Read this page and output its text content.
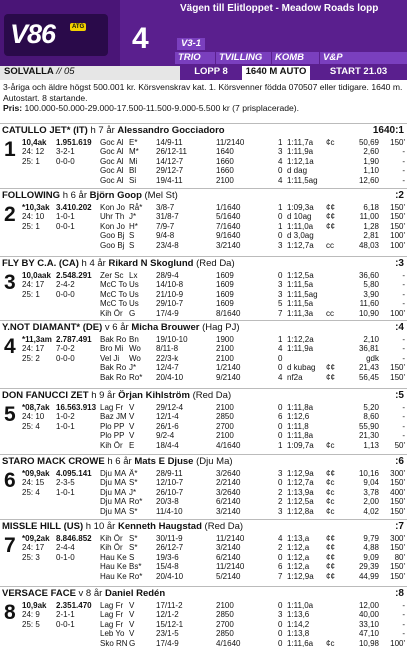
V86	ATG 4
Vägen till Elitloppet - Meadow Roads lopp
V3-1
TRIO	TVILLING	KOMB	V&P
SOLVALLA // 05	LOPP 8	1640 M AUTO	START 21.03
3-åriga och äldre högst 500.001 kr. Körsvenskrav kat. 1. Körsvenner födda 070507 eller tidigare. 1640 m. Autostart. 8 startande.
Pris: 100.000-50.000-29.000-17.500-11.500-9.000-5.500 kr (7 prisplacerade).
CATULLO JET* (IT) h 7 år Alessandro Gocciadoro	1640:1
1 10,4ak 1.951.619
24: 12 3-2-1
25: 1 0-0-0
Goc Al E* 14/9-11	11/2140	1 1:11,7a ¢c	50,69	150'
Goc Al M* 26/12-11	1640	3 1:11,9a	2,60	-
Goc Al Mi 14/12-7	1660	4 1:12,1a	1,90	-
Goc Al Bl 29/12-7	1660	0 d dag	1,10	-
Goc Al Si 19/4-11	2100	4 1:11,5ag	12,60	-
FOLLOWING h 6 år Björn Goop (Mel St)	:2
2 *10,3ak 3.410.202
24: 10 1-0-1
25: 1 0-0-1
Kon Jo Rå* 3/8-7	1/1640	1 1:09,3a ¢¢	6,18	150'
Uhr Th J* 31/8-7	5/1640	0 d 10ag ¢¢	11,00	150'
Kon Jo H* 7/9-7	7/1640	1 1:11,0a ¢¢	1,28	150'
Goo Bj S	9/4-8	9/1640	0 d 3,0ag	2,81	100'
Goo Bj S	23/4-8	3/2140	3 1:12,7a cc	48,03	100'
FLY BY C.A. (CA) h 4 år Rikard N Skoglund (Red Da)	:3
3 10,0aak 2.548.291
24: 17 2-4-2
25: 1 0-0-0
Zer Sc Lx 28/9-4	1609	0 1:12,5a	36,60	-
McC To Us 14/10-8	1609	3 1:11,5a	5,80	-
McC To Us 21/10-9	1609	3 1:11,5ag	3,90	-
McC To Us 29/10-7	1609	5 1:11,5a	11,60	-
Kih Ör G	17/4-9	8/1640	7 1:11,3a cc	10,90	100'
Y.NOT DIAMANT* (DE) v 6 år Micha Brouwer (Hag PJ)	:4
4 *11,3am 2.787.491
24: 17 7-0-2
25: 2 0-0-0
Bak Ro Bn 19/10-10	1900	1 1:12,2a	2,10	-
Bro Mi Wo 8/11-8	2100	4 1:11,9a	36,81	-
Vel Ji Wo 22/3-k	2100	0	gdk	-
Bak Ro J* 12/4-7	1/2140	0 d kubag ¢¢	21,43	150'
Bak Ro Ro* 20/4-10	9/2140	4 nf2a	¢¢	56,45	150'
DON FANUCCI ZET h 9 år Örjan Kihlström (Red Da)	:5
5 *08,7ak 16.563.913
24: 10 1-0-2
25: 4 1-0-1
Lag Fr V	29/12-4	2100	0 1:11,8a	5,20	-
Baz JM V	12/1-4	2850	6 1:12,6	8,60	-
Plo PP V	26/1-6	2700	0 1:11,8	55,90	-
Plo PP V	9/2-4	2100	0 1:11,8a	21,30	-
Kih Ör E	18/4-4	4/1640	1 1:09,7a ¢c	1,13	50'
STARO MACK CROWE h 6 år Mats E Djuse (Dju Ma)	:6
6 *09,9ak 4.095.141
24: 15 2-3-5
25: 4 1-0-1
Dju MA Ä* 28/9-11	3/2640	3 1:12,9a ¢¢	10,16	300'
Dju MA S* 12/10-7	2/2140	0 1:12,7a ¢c	9,04	150'
Dju MA J* 26/10-7	3/2640	2 1:13,9a ¢c	3,78	400'
Dju MA Ro* 20/3-8	6/2140	2 1:12,5a ¢c	2,00	150'
Dju MA S* 11/4-10	3/2140	3 1:12,8a ¢c	4,02	150'
MISSLE HILL (US) h 10 år Kenneth Haugstad (Red Da)	:7
7 *09,2ak 8.846.852
24: 17 2-4-4
25: 3 0-1-0
Kih Ör S* 30/11-9	11/2140	4 1:13,a ¢¢	9,79	300'
Kih Ör S* 26/12-7	3/2140	2 1:12,a ¢¢	4,88	150'
Hau Ke S	19/3-6	6/2140	0 1:12,a ¢¢	9,09	80'
Hau Ke Bs* 15/4-8	11/2140	6 1:12,a ¢¢	29,39	150'
Hau Ke Ro* 20/4-10	5/2140	7 1:12,9a ¢¢	44,99	150'
VERSACE FACE v 8 år Daniel Redén	:8
8 10,9ak 2.351.470
24: 9 2-1-1
25: 5 0-0-1
Lag Fr V	17/11-2	2100	0 1:11,0a	12,00	-
Lag Fr V	12/1-2	2850	3 1:13,6	40,00	-
Lag Fr V	15/12-1	2700	0 1:14,2	33,10	-
Leb Yo V	23/1-5	2850	0 1:13,8	47,10	-
Sko RN G	17/4-9	4/1640	0 1:11,6a ¢c	10,98	100'
